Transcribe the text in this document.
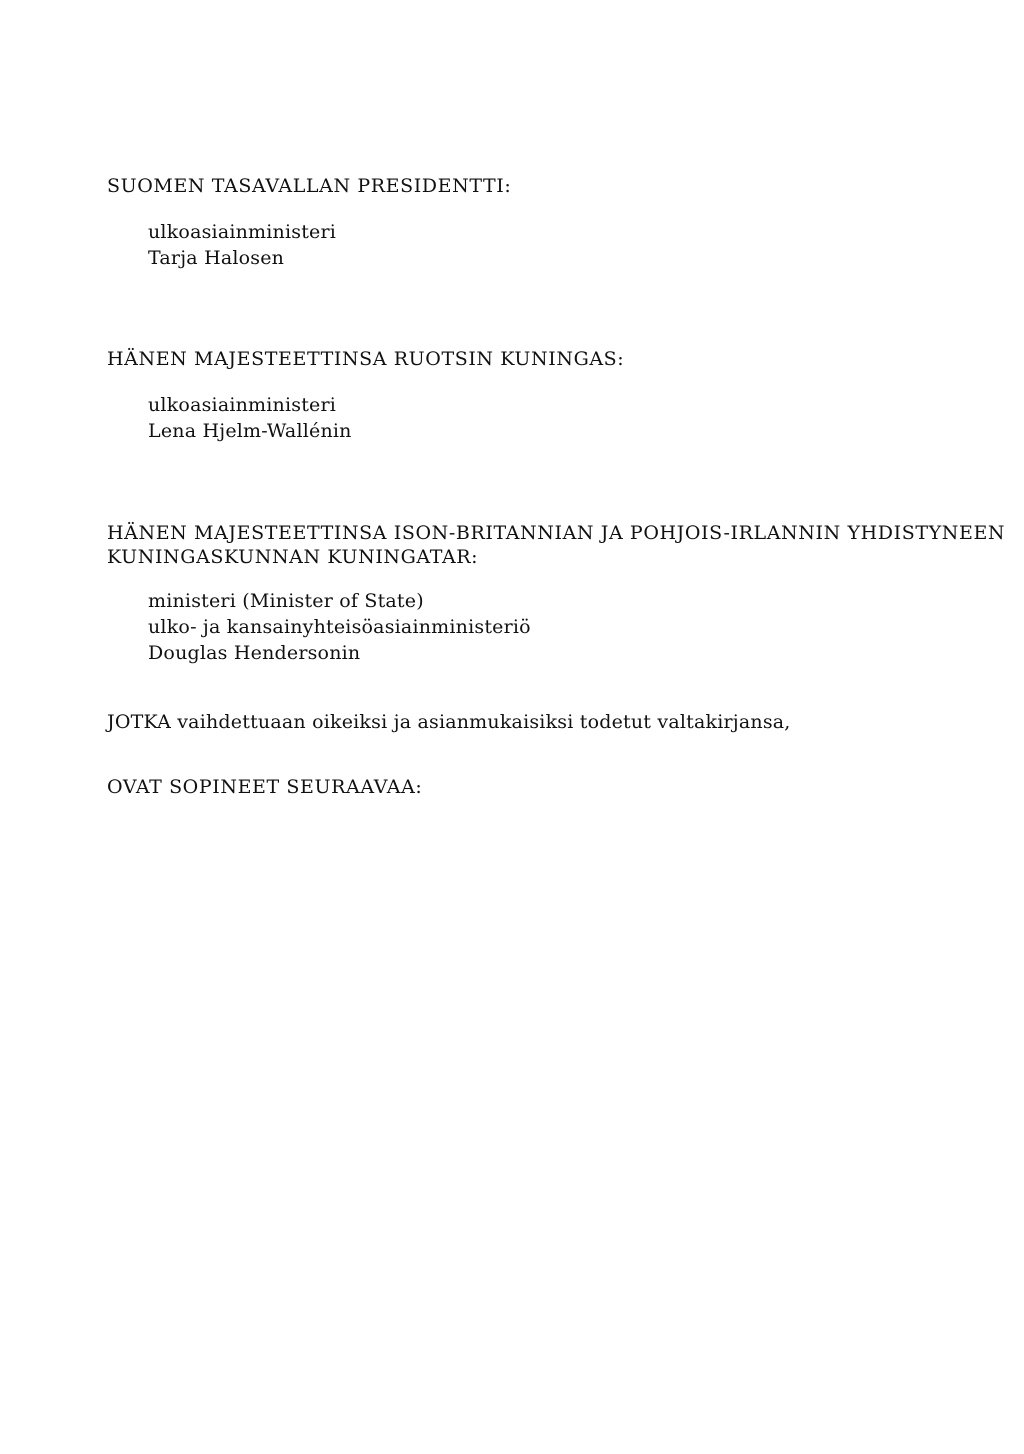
SUOMEN TASAVALLAN PRESIDENTTI:
ulkoasiainministeri
Tarja Halosen
HÄNEN MAJESTEETTINSA RUOTSIN KUNINGAS:
ulkoasiainministeri
Lena Hjelm-Wallénin
HÄNEN MAJESTEETTINSA ISON-BRITANNIAN JA POHJOIS-IRLANNIN YHDISTYNEEN
KUNINGASKUNNAN KUNINGATAR:
ministeri (Minister of State)
ulko- ja kansainyhteisöasiainministeriö
Douglas Hendersonin
JOTKA vaihdettuaan oikeiksi ja asianmukaisiksi todetut valtakirjansa,
OVAT SOPINEET SEURAAVAA:
